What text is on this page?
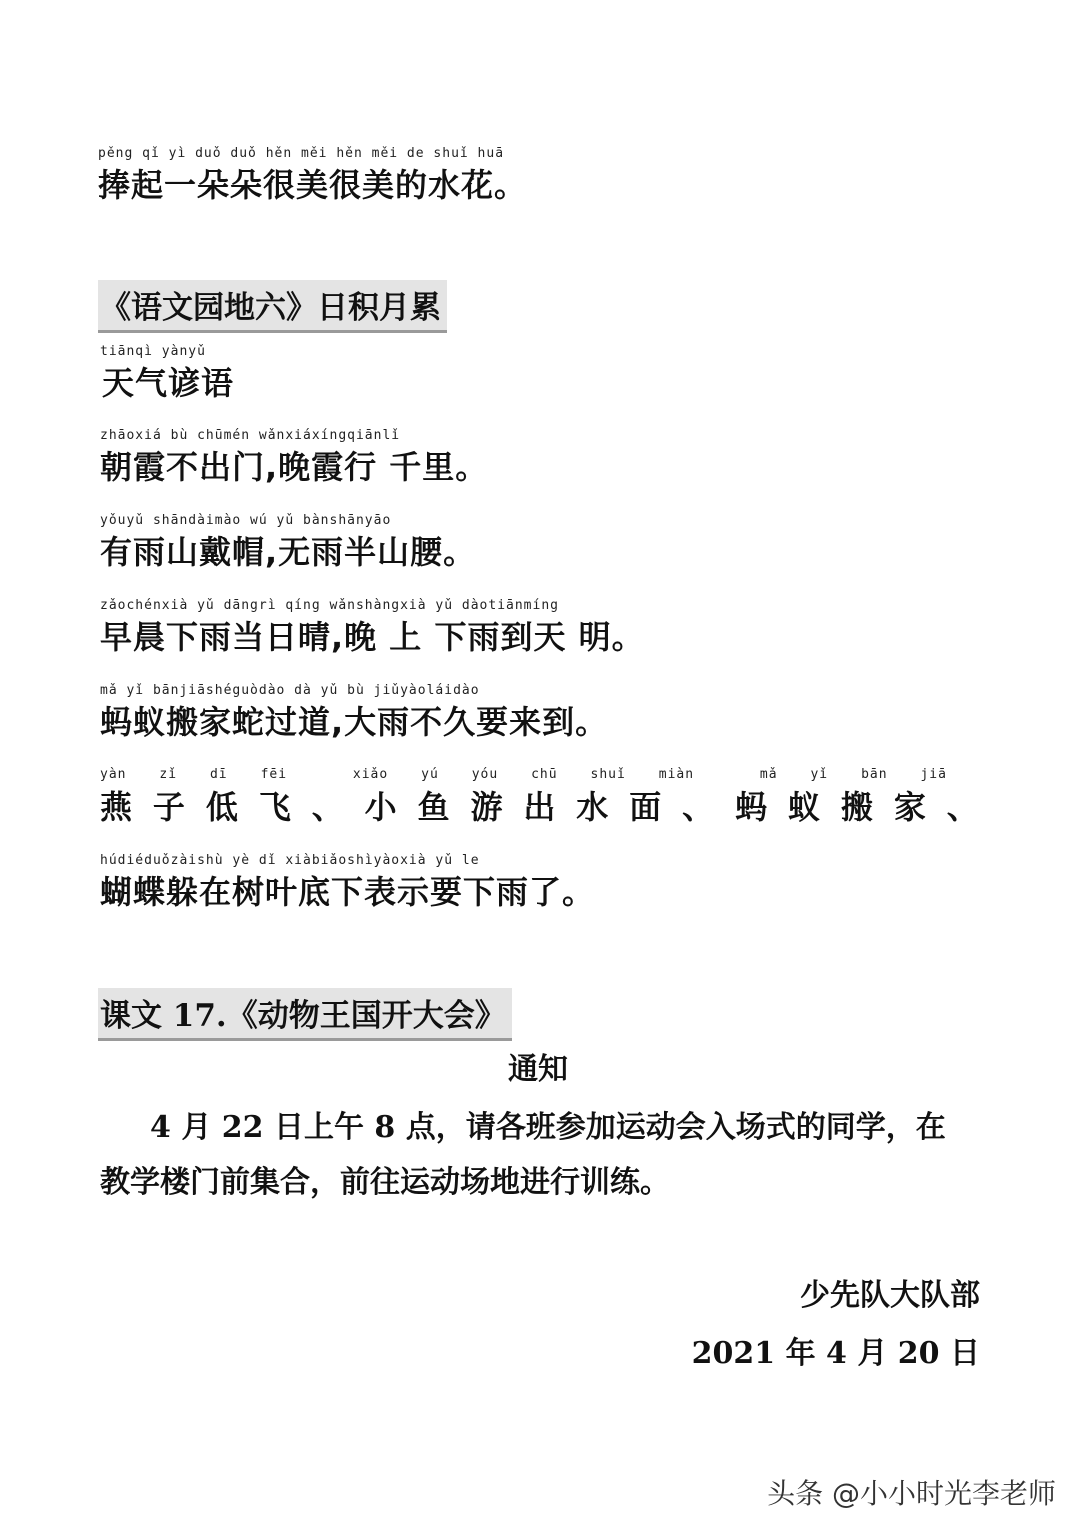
pěng qǐ yì duǒ duǒ hěn měi hěn měi de shuǐ huā
捧起一朵朵很美很美的水花。
《语文园地六》日积月累
tiānqì yànyǔ
天气谚语
zhāoxiá bù chūmén wǎnxiáxíngqiānlǐ
朝霞不出门,晚霞行 千里。
yǒuyǔ shāndàimào wú yǔ bànshānyāo
有雨山戴帽,无雨半山腰。
zǎochénxià yǔ dāngrì qíng wǎnshàngxià yǔ dàotiānmíng
早晨下雨当日晴,晚 上 下雨到天 明。
mǎ yǐ bānjiāshéguòdào dà yǔ bù jiǔyàoláidào
蚂蚁搬家蛇过道,大雨不久要来到。
yàn	zǐ	dī	fēi	xiǎo	yú	yóu	chū	shuǐ	miàn	mǎ	yǐ	bān	jiā
燕 子 低 飞 、 小 鱼 游 出 水 面 、 蚂 蚁 搬 家 、
húdiéduǒzàishù yè dǐ xiàbiǎoshìyàoxià yǔ le
蝴蝶躲在树叶底下表示要下雨了。
课文 17.《动物王国开大会》
通知
4 月 22 日上午 8 点，请各班参加运动会入场式的同学，在
教学楼门前集合，前往运动场地进行训练。
少先队大队部
2021 年 4 月 20 日
头条 @小小时光李老师
